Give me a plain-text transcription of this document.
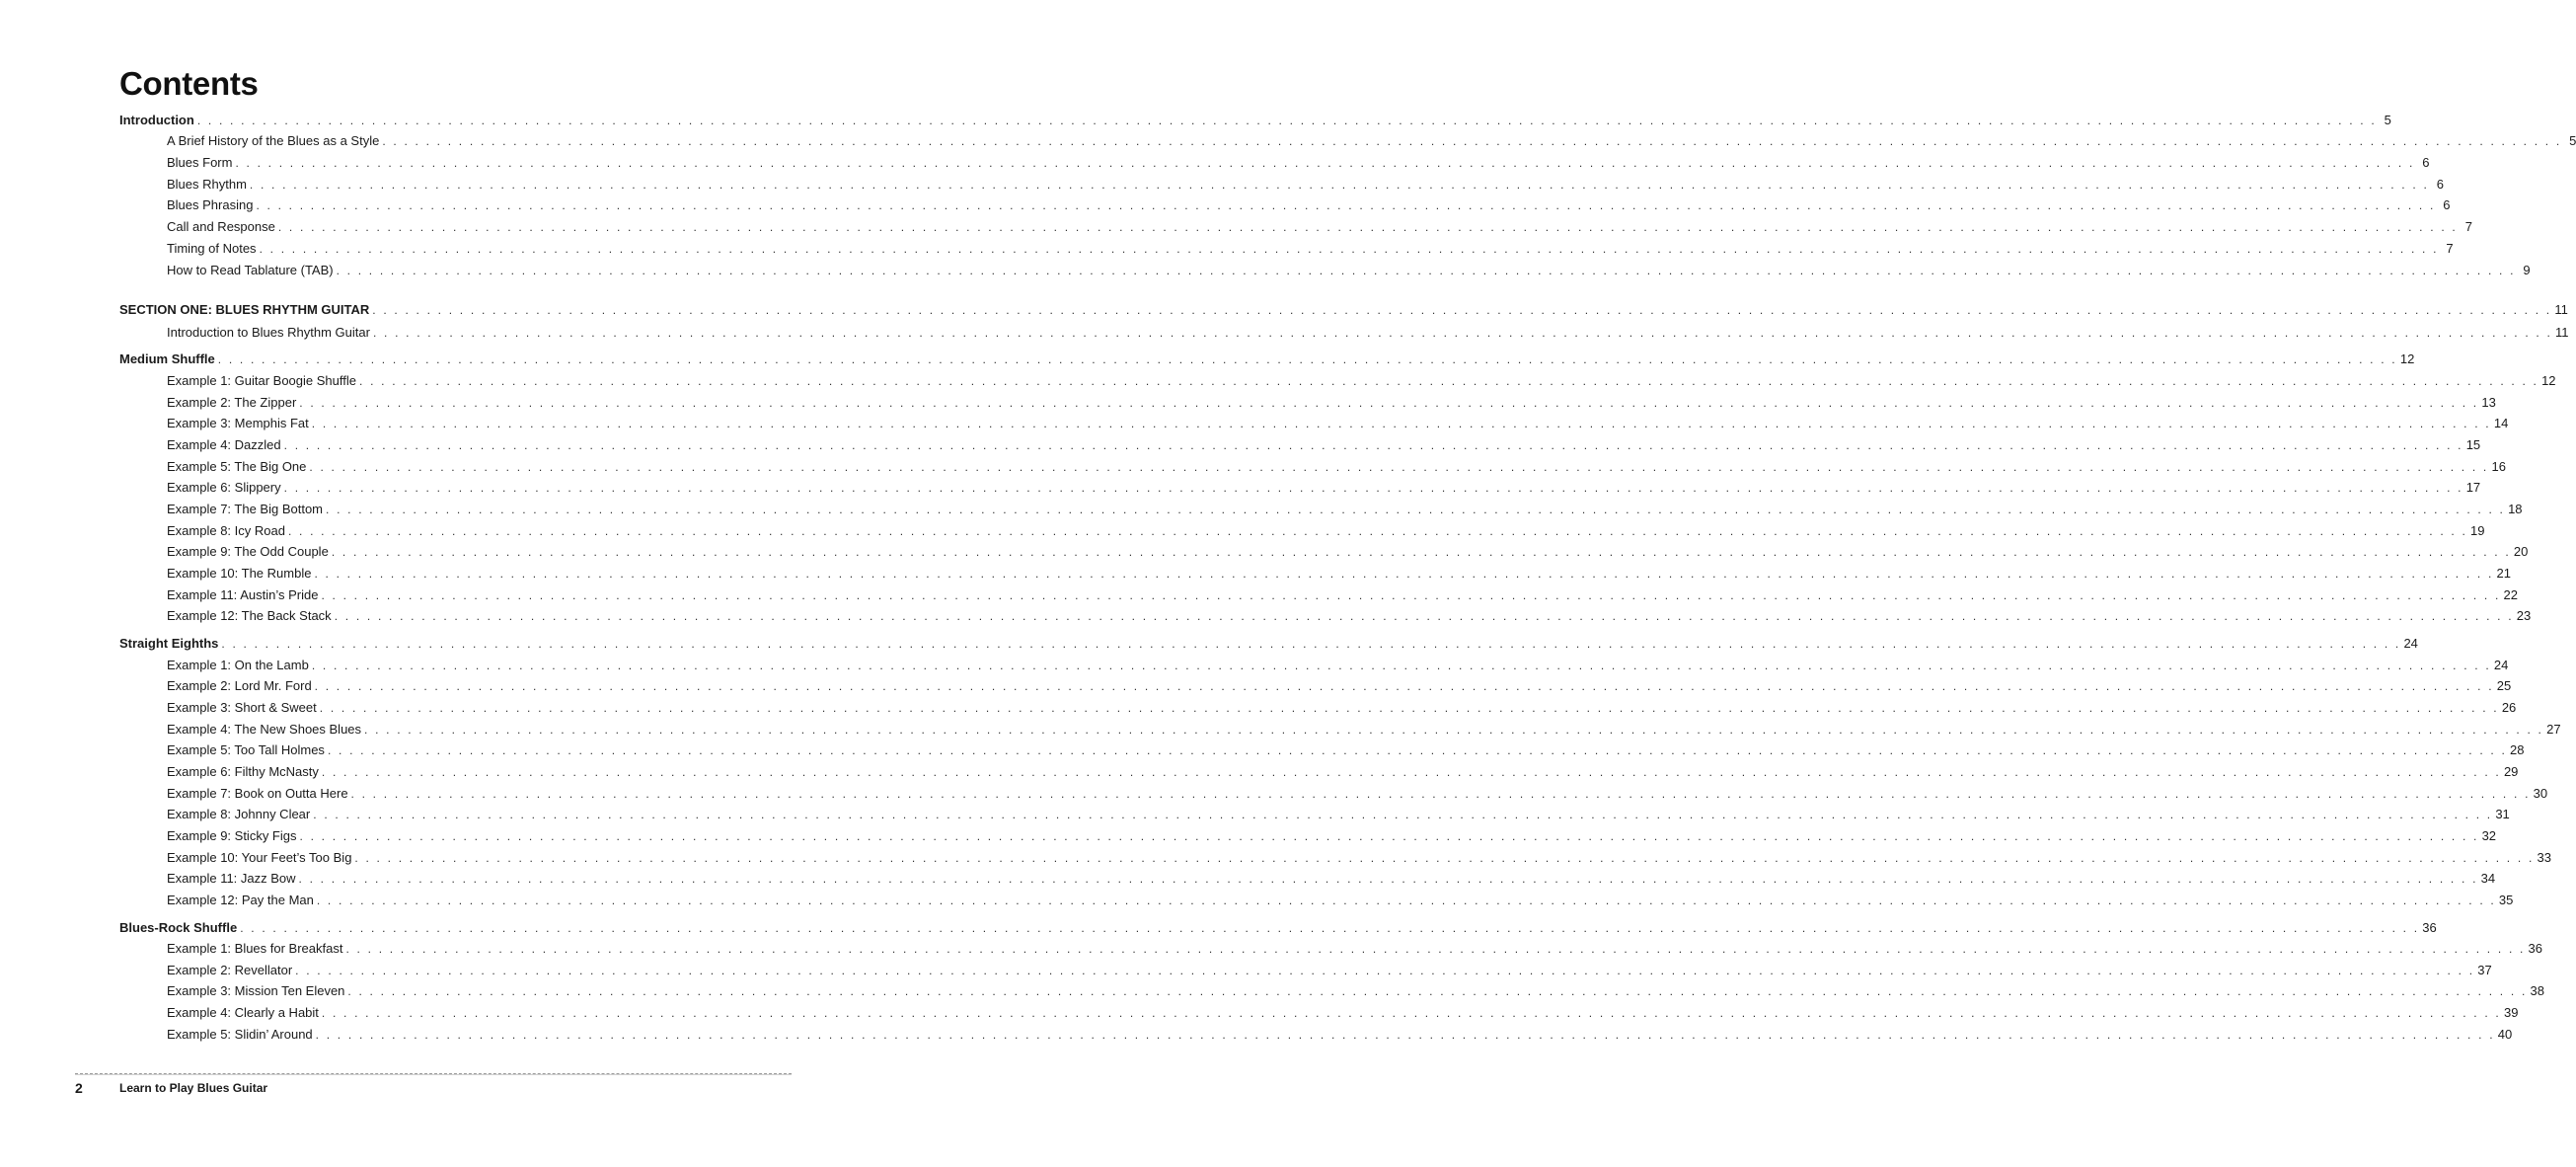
Contents
Introduction . . . . . . . . . . . . . . . . . . . . . . . . . . . . . . . . . . . . . . . . . . . . . . . . . . . . . . . . . . . . . . . . . . . . . . . . . . . . . . . . . . . . . . . . . . . . . . . . . . . . . . . . . . . . . . . . . . . . . . . . . . . . . . . . . . . . . . . . . . . . . . . . . . . . . . . . . . . . . . . . . . . . . . . . . . . . . . . . . . . . . . . . . . . . . . . . . . . . . . . . 5
A Brief History of the Blues as a Style . . . . . . . . . . . . . . . . . . . . . . . . . . . . . . . . . . . . . . . . . . . . . . . . . . . . . . . . . . . . . . . . . . . . . . . . . . . . . . . . . . . . . . . . . . . . . . . . . . . . . . . . . . . . . . . . . . . . . . . . . . . . . . . . . . . . . . . . . . . . . . . . . . . . . . . . . . . . . . . . . . . . . . . . . . . . . . . . . . . . . . . . . . . . . . . . . . . . . . . . 5
Blues Form . . . . . . . . . . . . . . . . . . . . . . . . . . . . . . . . . . . . . . . . . . . . . . . . . . . . . . . . . . . . . . . . . . . . . . . . . . . . . . . . . . . . . . . . . . . . . . . . . . . . . . . . . . . . . . . . . . . . . . . . . . . . . . . . . . . . . . . . . . . . . . . . . . . . . . . . . . . . . . . . . . . . . . . . . . . . . . . . . . . . . . . . . . . . . . . . . . . . . . . . 6
Blues Rhythm . . . . . . . . . . . . . . . . . . . . . . . . . . . . . . . . . . . . . . . . . . . . . . . . . . . . . . . . . . . . . . . . . . . . . . . . . . . . . . . . . . . . . . . . . . . . . . . . . . . . . . . . . . . . . . . . . . . . . . . . . . . . . . . . . . . . . . . . . . . . . . . . . . . . . . . . . . . . . . . . . . . . . . . . . . . . . . . . . . . . . . . . . . . . . . . . . . . . . . . . 6
Blues Phrasing . . . . . . . . . . . . . . . . . . . . . . . . . . . . . . . . . . . . . . . . . . . . . . . . . . . . . . . . . . . . . . . . . . . . . . . . . . . . . . . . . . . . . . . . . . . . . . . . . . . . . . . . . . . . . . . . . . . . . . . . . . . . . . . . . . . . . . . . . . . . . . . . . . . . . . . . . . . . . . . . . . . . . . . . . . . . . . . . . . . . . . . . . . . . . . . . . . . . . . . . 6
Call and Response . . . . . . . . . . . . . . . . . . . . . . . . . . . . . . . . . . . . . . . . . . . . . . . . . . . . . . . . . . . . . . . . . . . . . . . . . . . . . . . . . . . . . . . . . . . . . . . . . . . . . . . . . . . . . . . . . . . . . . . . . . . . . . . . . . . . . . . . . . . . . . . . . . . . . . . . . . . . . . . . . . . . . . . . . . . . . . . . . . . . . . . . . . . . . . . . . . . . . . . . 7
Timing of Notes . . . . . . . . . . . . . . . . . . . . . . . . . . . . . . . . . . . . . . . . . . . . . . . . . . . . . . . . . . . . . . . . . . . . . . . . . . . . . . . . . . . . . . . . . . . . . . . . . . . . . . . . . . . . . . . . . . . . . . . . . . . . . . . . . . . . . . . . . . . . . . . . . . . . . . . . . . . . . . . . . . . . . . . . . . . . . . . . . . . . . . . . . . . . . . . . . . . . . . . . 7
How to Read Tablature (TAB) . . . . . . . . . . . . . . . . . . . . . . . . . . . . . . . . . . . . . . . . . . . . . . . . . . . . . . . . . . . . . . . . . . . . . . . . . . . . . . . . . . . . . . . . . . . . . . . . . . . . . . . . . . . . . . . . . . . . . . . . . . . . . . . . . . . . . . . . . . . . . . . . . . . . . . . . . . . . . . . . . . . . . . . . . . . . . . . . . . . . . . . . . . . . . . . . . . . . . . . . 9
SECTION ONE: BLUES RHYTHM GUITAR . . . . . . . . . . . . . . . . . . . . . . . . . . . . . . . . . . . . . . . . . . . . . . . . . . . . . . . . . . . . . . . . . . . . . . . . . . . . . . . . . . . . . . . . . . . . . . . . . . . . . . . . . . . . . . . . . . . . . . . . . . . . . . . . . . . . . . . . . . . . . . . . . . . . . . . . . . . . . . . . . . . . . . . . . . . . . . . . . . . . . . . . . . . . . . . . . . . . . . . . 11
Introduction to Blues Rhythm Guitar . . . . . . . . . . . . . . . . . . . . . . . . . . . . . . . . . . . . . . . . . . . . . . . . . . . . . . . . . . . . . . . . . . . . . . . . . . . . . . . . . . . . . . . . . . . . . . . . . . . . . . . . . . . . . . . . . . . . . . . . . . . . . . . . . . . . . . . . . . . . . . . . . . . . . . . . . . . . . . . . . . . . . . . . . . . . . . . . . . . . . . . . . . . . . . . . . . . . . . . . 11
Medium Shuffle . . . . . . . . . . . . . . . . . . . . . . . . . . . . . . . . . . . . . . . . . . . . . . . . . . . . . . . . . . . . . . . . . . . . . . . . . . . . . . . . . . . . . . . . . . . . . . . . . . . . . . . . . . . . . . . . . . . . . . . . . . . . . . . . . . . . . . . . . . . . . . . . . . . . . . . . . . . . . . . . . . . . . . . . . . . . . . . . . . . . . . . . . . . . . . . . . . . . . . . . 12
Example 1: Guitar Boogie Shuffle . . . . . . . . . . . . . . . . . . . . . . . . . . . . . . . . . . . . . . . . . . . . . . . . . . . . . . . . . . . . . . . . . . . . . . . . . . . . . . . . . . . . . . . . . . . . . . . . . . . . . . . . . . . . . . . . . . . . . . . . . . . . . . . . . . . . . . . . . . . . . . . . . . . . . . . . . . . . . . . . . . . . . . . . . . . . . . . . . . . . . . . . . . . . . . . . . . . . . . . . 12
Example 2: The Zipper . . . . . . . . . . . . . . . . . . . . . . . . . . . . . . . . . . . . . . . . . . . . . . . . . . . . . . . . . . . . . . . . . . . . . . . . . . . . . . . . . . . . . . . . . . . . . . . . . . . . . . . . . . . . . . . . . . . . . . . . . . . . . . . . . . . . . . . . . . . . . . . . . . . . . . . . . . . . . . . . . . . . . . . . . . . . . . . . . . . . . . . . . . . . . . . . . . . . . . . . 13
Example 3: Memphis Fat . . . . . . . . . . . . . . . . . . . . . . . . . . . . . . . . . . . . . . . . . . . . . . . . . . . . . . . . . . . . . . . . . . . . . . . . . . . . . . . . . . . . . . . . . . . . . . . . . . . . . . . . . . . . . . . . . . . . . . . . . . . . . . . . . . . . . . . . . . . . . . . . . . . . . . . . . . . . . . . . . . . . . . . . . . . . . . . . . . . . . . . . . . . . . . . . . . . . . . . . 14
Example 4: Dazzled . . . . . . . . . . . . . . . . . . . . . . . . . . . . . . . . . . . . . . . . . . . . . . . . . . . . . . . . . . . . . . . . . . . . . . . . . . . . . . . . . . . . . . . . . . . . . . . . . . . . . . . . . . . . . . . . . . . . . . . . . . . . . . . . . . . . . . . . . . . . . . . . . . . . . . . . . . . . . . . . . . . . . . . . . . . . . . . . . . . . . . . . . . . . . . . . . . . . . . . . 15
Example 5: The Big One . . . . . . . . . . . . . . . . . . . . . . . . . . . . . . . . . . . . . . . . . . . . . . . . . . . . . . . . . . . . . . . . . . . . . . . . . . . . . . . . . . . . . . . . . . . . . . . . . . . . . . . . . . . . . . . . . . . . . . . . . . . . . . . . . . . . . . . . . . . . . . . . . . . . . . . . . . . . . . . . . . . . . . . . . . . . . . . . . . . . . . . . . . . . . . . . . . . . . . . . 16
Example 6: Slippery . . . . . . . . . . . . . . . . . . . . . . . . . . . . . . . . . . . . . . . . . . . . . . . . . . . . . . . . . . . . . . . . . . . . . . . . . . . . . . . . . . . . . . . . . . . . . . . . . . . . . . . . . . . . . . . . . . . . . . . . . . . . . . . . . . . . . . . . . . . . . . . . . . . . . . . . . . . . . . . . . . . . . . . . . . . . . . . . . . . . . . . . . . . . . . . . . . . . . . . . 17
Example 7: The Big Bottom . . . . . . . . . . . . . . . . . . . . . . . . . . . . . . . . . . . . . . . . . . . . . . . . . . . . . . . . . . . . . . . . . . . . . . . . . . . . . . . . . . . . . . . . . . . . . . . . . . . . . . . . . . . . . . . . . . . . . . . . . . . . . . . . . . . . . . . . . . . . . . . . . . . . . . . . . . . . . . . . . . . . . . . . . . . . . . . . . . . . . . . . . . . . . . . . . . . . . . . . 18
Example 8: Icy Road . . . . . . . . . . . . . . . . . . . . . . . . . . . . . . . . . . . . . . . . . . . . . . . . . . . . . . . . . . . . . . . . . . . . . . . . . . . . . . . . . . . . . . . . . . . . . . . . . . . . . . . . . . . . . . . . . . . . . . . . . . . . . . . . . . . . . . . . . . . . . . . . . . . . . . . . . . . . . . . . . . . . . . . . . . . . . . . . . . . . . . . . . . . . . . . . . . . . . . . . 19
Example 9: The Odd Couple . . . . . . . . . . . . . . . . . . . . . . . . . . . . . . . . . . . . . . . . . . . . . . . . . . . . . . . . . . . . . . . . . . . . . . . . . . . . . . . . . . . . . . . . . . . . . . . . . . . . . . . . . . . . . . . . . . . . . . . . . . . . . . . . . . . . . . . . . . . . . . . . . . . . . . . . . . . . . . . . . . . . . . . . . . . . . . . . . . . . . . . . . . . . . . . . . . . . . . . . 20
Example 10: The Rumble . . . . . . . . . . . . . . . . . . . . . . . . . . . . . . . . . . . . . . . . . . . . . . . . . . . . . . . . . . . . . . . . . . . . . . . . . . . . . . . . . . . . . . . . . . . . . . . . . . . . . . . . . . . . . . . . . . . . . . . . . . . . . . . . . . . . . . . . . . . . . . . . . . . . . . . . . . . . . . . . . . . . . . . . . . . . . . . . . . . . . . . . . . . . . . . . . . . . . . . . 21
Example 11: Austin’s Pride . . . . . . . . . . . . . . . . . . . . . . . . . . . . . . . . . . . . . . . . . . . . . . . . . . . . . . . . . . . . . . . . . . . . . . . . . . . . . . . . . . . . . . . . . . . . . . . . . . . . . . . . . . . . . . . . . . . . . . . . . . . . . . . . . . . . . . . . . . . . . . . . . . . . . . . . . . . . . . . . . . . . . . . . . . . . . . . . . . . . . . . . . . . . . . . . . . . . . . . . 22
Example 12: The Back Stack . . . . . . . . . . . . . . . . . . . . . . . . . . . . . . . . . . . . . . . . . . . . . . . . . . . . . . . . . . . . . . . . . . . . . . . . . . . . . . . . . . . . . . . . . . . . . . . . . . . . . . . . . . . . . . . . . . . . . . . . . . . . . . . . . . . . . . . . . . . . . . . . . . . . . . . . . . . . . . . . . . . . . . . . . . . . . . . . . . . . . . . . . . . . . . . . . . . . . . . . 23
Straight Eighths . . . . . . . . . . . . . . . . . . . . . . . . . . . . . . . . . . . . . . . . . . . . . . . . . . . . . . . . . . . . . . . . . . . . . . . . . . . . . . . . . . . . . . . . . . . . . . . . . . . . . . . . . . . . . . . . . . . . . . . . . . . . . . . . . . . . . . . . . . . . . . . . . . . . . . . . . . . . . . . . . . . . . . . . . . . . . . . . . . . . . . . . . . . . . . . . . . . . . . . . 24
Example 1: On the Lamb . . . . . . . . . . . . . . . . . . . . . . . . . . . . . . . . . . . . . . . . . . . . . . . . . . . . . . . . . . . . . . . . . . . . . . . . . . . . . . . . . . . . . . . . . . . . . . . . . . . . . . . . . . . . . . . . . . . . . . . . . . . . . . . . . . . . . . . . . . . . . . . . . . . . . . . . . . . . . . . . . . . . . . . . . . . . . . . . . . . . . . . . . . . . . . . . . . . . . . . . 24
Example 2: Lord Mr. Ford . . . . . . . . . . . . . . . . . . . . . . . . . . . . . . . . . . . . . . . . . . . . . . . . . . . . . . . . . . . . . . . . . . . . . . . . . . . . . . . . . . . . . . . . . . . . . . . . . . . . . . . . . . . . . . . . . . . . . . . . . . . . . . . . . . . . . . . . . . . . . . . . . . . . . . . . . . . . . . . . . . . . . . . . . . . . . . . . . . . . . . . . . . . . . . . . . . . . . . . . 25
Example 3: Short & Sweet . . . . . . . . . . . . . . . . . . . . . . . . . . . . . . . . . . . . . . . . . . . . . . . . . . . . . . . . . . . . . . . . . . . . . . . . . . . . . . . . . . . . . . . . . . . . . . . . . . . . . . . . . . . . . . . . . . . . . . . . . . . . . . . . . . . . . . . . . . . . . . . . . . . . . . . . . . . . . . . . . . . . . . . . . . . . . . . . . . . . . . . . . . . . . . . . . . . . . . . . 26
Example 4: The New Shoes Blues . . . . . . . . . . . . . . . . . . . . . . . . . . . . . . . . . . . . . . . . . . . . . . . . . . . . . . . . . . . . . . . . . . . . . . . . . . . . . . . . . . . . . . . . . . . . . . . . . . . . . . . . . . . . . . . . . . . . . . . . . . . . . . . . . . . . . . . . . . . . . . . . . . . . . . . . . . . . . . . . . . . . . . . . . . . . . . . . . . . . . . . . . . . . . . . . . . . . . . . . 27
Example 5: Too Tall Holmes . . . . . . . . . . . . . . . . . . . . . . . . . . . . . . . . . . . . . . . . . . . . . . . . . . . . . . . . . . . . . . . . . . . . . . . . . . . . . . . . . . . . . . . . . . . . . . . . . . . . . . . . . . . . . . . . . . . . . . . . . . . . . . . . . . . . . . . . . . . . . . . . . . . . . . . . . . . . . . . . . . . . . . . . . . . . . . . . . . . . . . . . . . . . . . . . . . . . . . . . 28
Example 6: Filthy McNasty . . . . . . . . . . . . . . . . . . . . . . . . . . . . . . . . . . . . . . . . . . . . . . . . . . . . . . . . . . . . . . . . . . . . . . . . . . . . . . . . . . . . . . . . . . . . . . . . . . . . . . . . . . . . . . . . . . . . . . . . . . . . . . . . . . . . . . . . . . . . . . . . . . . . . . . . . . . . . . . . . . . . . . . . . . . . . . . . . . . . . . . . . . . . . . . . . . . . . . . . 29
Example 7: Book on Outta Here . . . . . . . . . . . . . . . . . . . . . . . . . . . . . . . . . . . . . . . . . . . . . . . . . . . . . . . . . . . . . . . . . . . . . . . . . . . . . . . . . . . . . . . . . . . . . . . . . . . . . . . . . . . . . . . . . . . . . . . . . . . . . . . . . . . . . . . . . . . . . . . . . . . . . . . . . . . . . . . . . . . . . . . . . . . . . . . . . . . . . . . . . . . . . . . . . . . . . . . . 30
Example 8: Johnny Clear . . . . . . . . . . . . . . . . . . . . . . . . . . . . . . . . . . . . . . . . . . . . . . . . . . . . . . . . . . . . . . . . . . . . . . . . . . . . . . . . . . . . . . . . . . . . . . . . . . . . . . . . . . . . . . . . . . . . . . . . . . . . . . . . . . . . . . . . . . . . . . . . . . . . . . . . . . . . . . . . . . . . . . . . . . . . . . . . . . . . . . . . . . . . . . . . . . . . . . . . 31
Example 9: Sticky Figs . . . . . . . . . . . . . . . . . . . . . . . . . . . . . . . . . . . . . . . . . . . . . . . . . . . . . . . . . . . . . . . . . . . . . . . . . . . . . . . . . . . . . . . . . . . . . . . . . . . . . . . . . . . . . . . . . . . . . . . . . . . . . . . . . . . . . . . . . . . . . . . . . . . . . . . . . . . . . . . . . . . . . . . . . . . . . . . . . . . . . . . . . . . . . . . . . . . . . . . . 32
Example 10: Your Feet’s Too Big . . . . . . . . . . . . . . . . . . . . . . . . . . . . . . . . . . . . . . . . . . . . . . . . . . . . . . . . . . . . . . . . . . . . . . . . . . . . . . . . . . . . . . . . . . . . . . . . . . . . . . . . . . . . . . . . . . . . . . . . . . . . . . . . . . . . . . . . . . . . . . . . . . . . . . . . . . . . . . . . . . . . . . . . . . . . . . . . . . . . . . . . . . . . . . . . . . . . . . . . 33
Example 11: Jazz Bow . . . . . . . . . . . . . . . . . . . . . . . . . . . . . . . . . . . . . . . . . . . . . . . . . . . . . . . . . . . . . . . . . . . . . . . . . . . . . . . . . . . . . . . . . . . . . . . . . . . . . . . . . . . . . . . . . . . . . . . . . . . . . . . . . . . . . . . . . . . . . . . . . . . . . . . . . . . . . . . . . . . . . . . . . . . . . . . . . . . . . . . . . . . . . . . . . . . . . . . . 34
Example 12: Pay the Man . . . . . . . . . . . . . . . . . . . . . . . . . . . . . . . . . . . . . . . . . . . . . . . . . . . . . . . . . . . . . . . . . . . . . . . . . . . . . . . . . . . . . . . . . . . . . . . . . . . . . . . . . . . . . . . . . . . . . . . . . . . . . . . . . . . . . . . . . . . . . . . . . . . . . . . . . . . . . . . . . . . . . . . . . . . . . . . . . . . . . . . . . . . . . . . . . . . . . . . . 35
Blues-Rock Shuffle . . . . . . . . . . . . . . . . . . . . . . . . . . . . . . . . . . . . . . . . . . . . . . . . . . . . . . . . . . . . . . . . . . . . . . . . . . . . . . . . . . . . . . . . . . . . . . . . . . . . . . . . . . . . . . . . . . . . . . . . . . . . . . . . . . . . . . . . . . . . . . . . . . . . . . . . . . . . . . . . . . . . . . . . . . . . . . . . . . . . . . . . . . . . . . . . . . . . . . . . 36
Example 1: Blues for Breakfast . . . . . . . . . . . . . . . . . . . . . . . . . . . . . . . . . . . . . . . . . . . . . . . . . . . . . . . . . . . . . . . . . . . . . . . . . . . . . . . . . . . . . . . . . . . . . . . . . . . . . . . . . . . . . . . . . . . . . . . . . . . . . . . . . . . . . . . . . . . . . . . . . . . . . . . . . . . . . . . . . . . . . . . . . . . . . . . . . . . . . . . . . . . . . . . . . . . . . . . . 36
Example 2: Revellator . . . . . . . . . . . . . . . . . . . . . . . . . . . . . . . . . . . . . . . . . . . . . . . . . . . . . . . . . . . . . . . . . . . . . . . . . . . . . . . . . . . . . . . . . . . . . . . . . . . . . . . . . . . . . . . . . . . . . . . . . . . . . . . . . . . . . . . . . . . . . . . . . . . . . . . . . . . . . . . . . . . . . . . . . . . . . . . . . . . . . . . . . . . . . . . . . . . . . . . . 37
Example 3: Mission Ten Eleven . . . . . . . . . . . . . . . . . . . . . . . . . . . . . . . . . . . . . . . . . . . . . . . . . . . . . . . . . . . . . . . . . . . . . . . . . . . . . . . . . . . . . . . . . . . . . . . . . . . . . . . . . . . . . . . . . . . . . . . . . . . . . . . . . . . . . . . . . . . . . . . . . . . . . . . . . . . . . . . . . . . . . . . . . . . . . . . . . . . . . . . . . . . . . . . . . . . . . . . . 38
Example 4: Clearly a Habit . . . . . . . . . . . . . . . . . . . . . . . . . . . . . . . . . . . . . . . . . . . . . . . . . . . . . . . . . . . . . . . . . . . . . . . . . . . . . . . . . . . . . . . . . . . . . . . . . . . . . . . . . . . . . . . . . . . . . . . . . . . . . . . . . . . . . . . . . . . . . . . . . . . . . . . . . . . . . . . . . . . . . . . . . . . . . . . . . . . . . . . . . . . . . . . . . . . . . . . . 39
Example 5: Slidin’ Around . . . . . . . . . . . . . . . . . . . . . . . . . . . . . . . . . . . . . . . . . . . . . . . . . . . . . . . . . . . . . . . . . . . . . . . . . . . . . . . . . . . . . . . . . . . . . . . . . . . . . . . . . . . . . . . . . . . . . . . . . . . . . . . . . . . . . . . . . . . . . . . . . . . . . . . . . . . . . . . . . . . . . . . . . . . . . . . . . . . . . . . . . . . . . . . . . . . . . . . . 40
2	Learn to Play Blues Guitar
